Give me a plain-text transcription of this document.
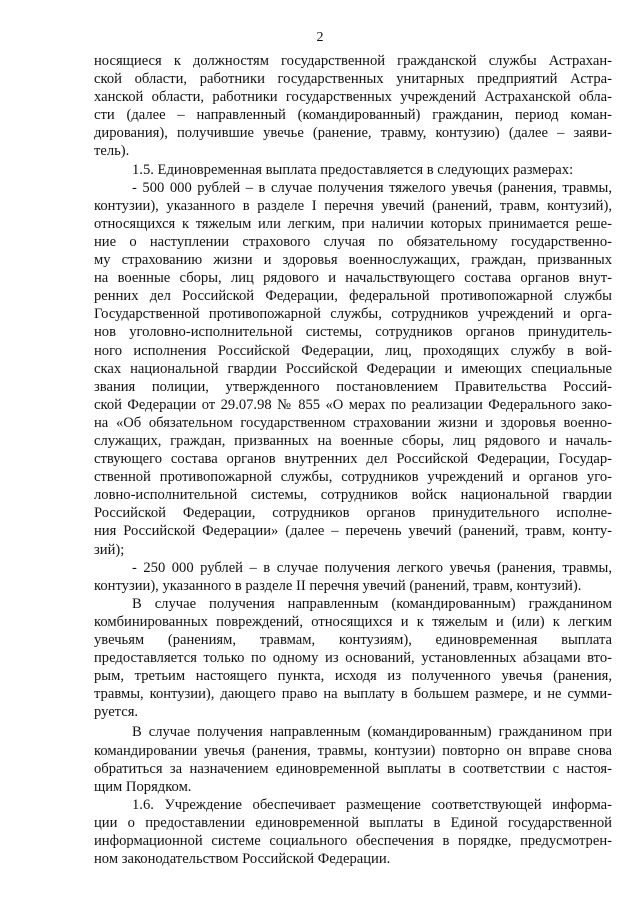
2
носящиеся к должностям государственной гражданской службы Астрахан-
ской области, работники государственных унитарных предприятий Астра-
ханской области, работники государственных учреждений Астраханской обла-
сти (далее – направленный (командированный) гражданин, период коман-
дирования), получившие увечье (ранение, травму, контузию) (далее – заяви-
тель).
1.5. Единовременная выплата предоставляется в следующих размерах:
- 500 000 рублей – в случае получения тяжелого увечья (ранения, травмы,
контузии), указанного в разделе I перечня увечий (ранений, травм, контузий),
относящихся к тяжелым или легким, при наличии которых принимается реше-
ние о наступлении страхового случая по обязательному государственно-
му страхованию жизни и здоровья военнослужащих, граждан, призванных
на военные сборы, лиц рядового и начальствующего состава органов внут-
ренних дел Российской Федерации, федеральной противопожарной службы
Государственной противопожарной службы, сотрудников учреждений и орга-
нов уголовно-исполнительной системы, сотрудников органов принудитель-
ного исполнения Российской Федерации, лиц, проходящих службу в вой-
сках национальной гвардии Российской Федерации и имеющих специальные
звания полиции, утвержденного постановлением Правительства Россий-
ской Федерации от 29.07.98 № 855 «О мерах по реализации Федерального зако-
на «Об обязательном государственном страховании жизни и здоровья военно-
служащих, граждан, призванных на военные сборы, лиц рядового и началь-
ствующего состава органов внутренних дел Российской Федерации, Государ-
ственной противопожарной службы, сотрудников учреждений и органов уго-
ловно-исполнительной системы, сотрудников войск национальной гвардии
Российской Федерации, сотрудников органов принудительного исполне-
ния Российской Федерации» (далее – перечень увечий (ранений, травм, конту-
зий);
- 250 000 рублей – в случае получения легкого увечья (ранения, травмы,
контузии), указанного в разделе II перечня увечий (ранений, травм, контузий).
В случае получения направленным (командированным) гражданином
комбинированных повреждений, относящихся и к тяжелым и (или) к легким
увечьям (ранениям, травмам, контузиям), единовременная выплата
предоставляется только по одному из оснований, установленных абзацами вто-
рым, третьим настоящего пункта, исходя из полученного увечья (ранения,
травмы, контузии), дающего право на выплату в большем размере, и не сумми-
руется.
В случае получения направленным (командированным) гражданином при
командировании увечья (ранения, травмы, контузии) повторно он вправе снова
обратиться за назначением единовременной выплаты в соответствии с настоя-
щим Порядком.
1.6. Учреждение обеспечивает размещение соответствующей информа-
ции о предоставлении единовременной выплаты в Единой государственной
информационной системе социального обеспечения в порядке, предусмотрен-
ном законодательством Российской Федерации.
